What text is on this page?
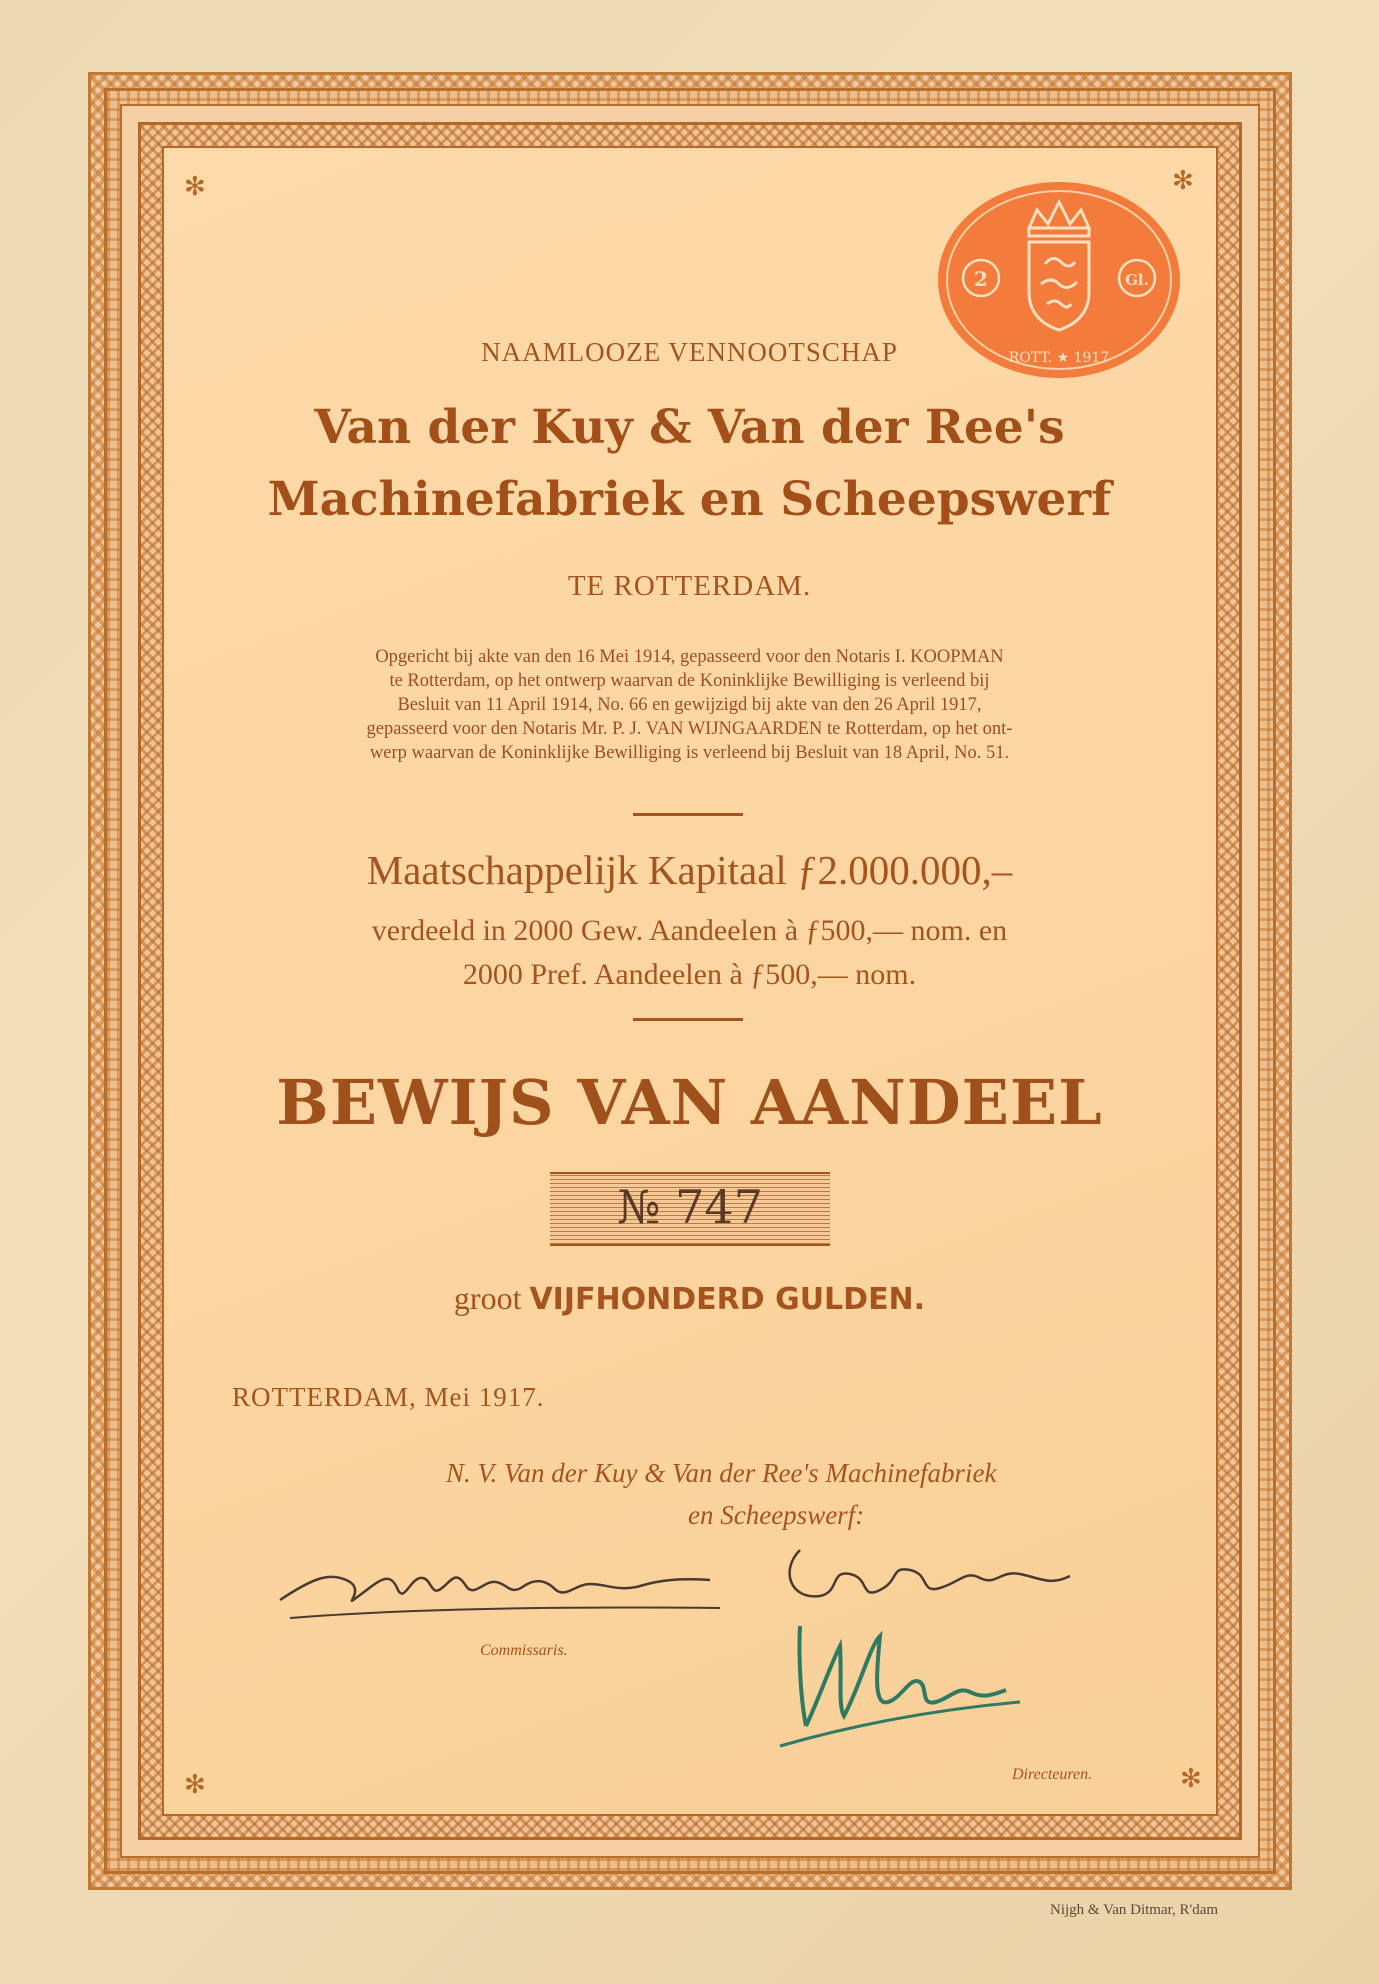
✻	✻
✻	✻
2	Gl.
ROTT. ★ 1917
NAAMLOOZE VENNOOTSCHAP
Van der Kuy & Van der Ree's
Machinefabriek en Scheepswerf
TE ROTTERDAM.
Opgericht bij akte van den 16 Mei 1914, gepasseerd voor den Notaris I. KOOPMAN
te Rotterdam, op het ontwerp waarvan de Koninklijke Bewilliging is verleend bij
Besluit van 11 April 1914, No. 66 en gewijzigd bij akte van den 26 April 1917,
gepasseerd voor den Notaris Mr. P. J. VAN WIJNGAARDEN te Rotterdam, op het ont-
werp waarvan de Koninklijke Bewilliging is verleend bij Besluit van 18 April, No. 51.
Maatschappelijk Kapitaal ƒ2.000.000,–
verdeeld in 2000 Gew. Aandeelen à ƒ500,— nom. en
2000 Pref. Aandeelen à ƒ500,— nom.
BEWIJS VAN AANDEEL
№ 747
groot VIJFHONDERD GULDEN.
ROTTERDAM, Mei 1917.
N. V. Van der Kuy & Van der Ree's Machinefabriek
en Scheepswerf:
Commissaris.
Directeuren.
Nijgh & Van Ditmar, R'dam
